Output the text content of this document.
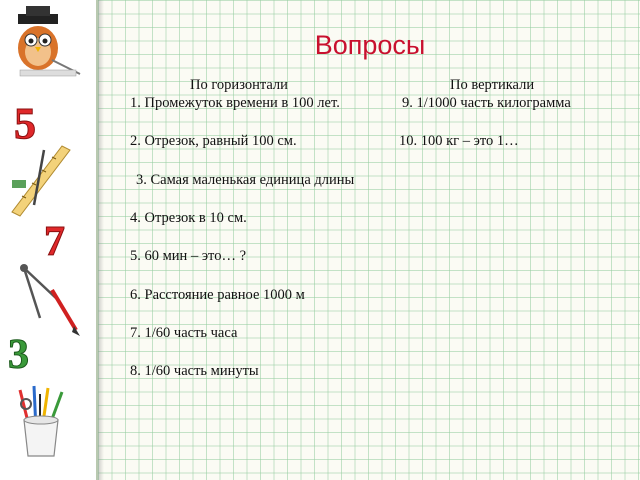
5
7
3
Вопросы
По горизонтали	По вертикали
1. Промежуток времени в 100 лет.
2. Отрезок, равный 100 см.
3. Самая маленькая единица длины
4. Отрезок в 10 см.
5. 60 мин – это… ?
6. Расстояние равное 1000 м
7. 1/60 часть часа
8. 1/60 часть минуты
9. 1/1000 часть килограмма
10. 100 кг – это 1…
